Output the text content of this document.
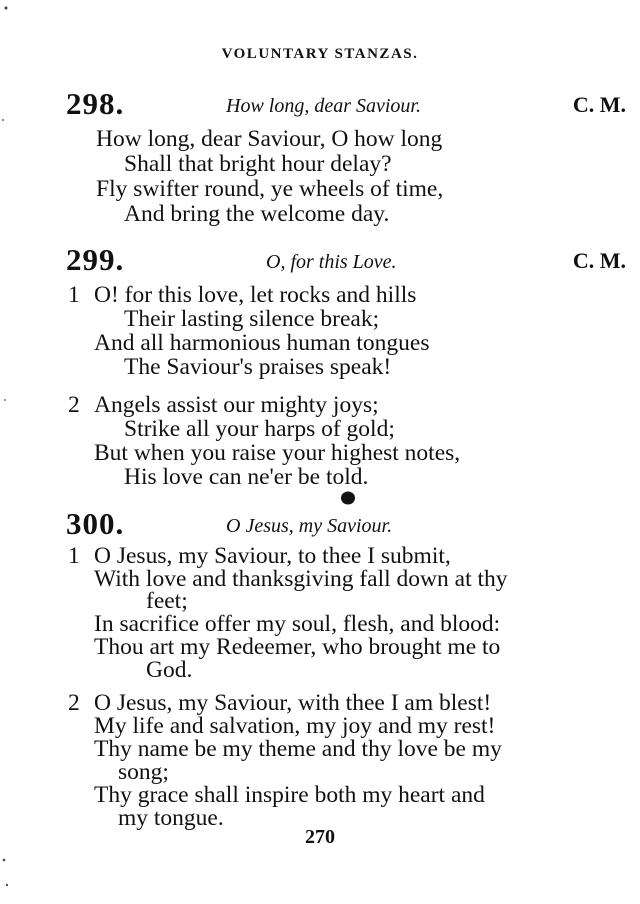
VOLUNTARY STANZAS.
298.	How long, dear Saviour.	C. M.
How long, dear Saviour, O how long
Shall that bright hour delay?
Fly swifter round, ye wheels of time,
And bring the welcome day.
299.	O, for this Love.	C. M.
1 O! for this love, let rocks and hills
Their lasting silence break;
And all harmonious human tongues
The Saviour's praises speak!
2 Angels assist our mighty joys;
Strike all your harps of gold;
But when you raise your highest notes,
His love can ne'er be told.
300.	O Jesus, my Saviour.
1 O Jesus, my Saviour, to thee I submit,
With love and thanksgiving fall down at thy
feet;
In sacrifice offer my soul, flesh, and blood:
Thou art my Redeemer, who brought me to
God.
2 O Jesus, my Saviour, with thee I am blest!
My life and salvation, my joy and my rest!
Thy name be my theme and thy love be my
song;
Thy grace shall inspire both my heart and
my tongue.
270
